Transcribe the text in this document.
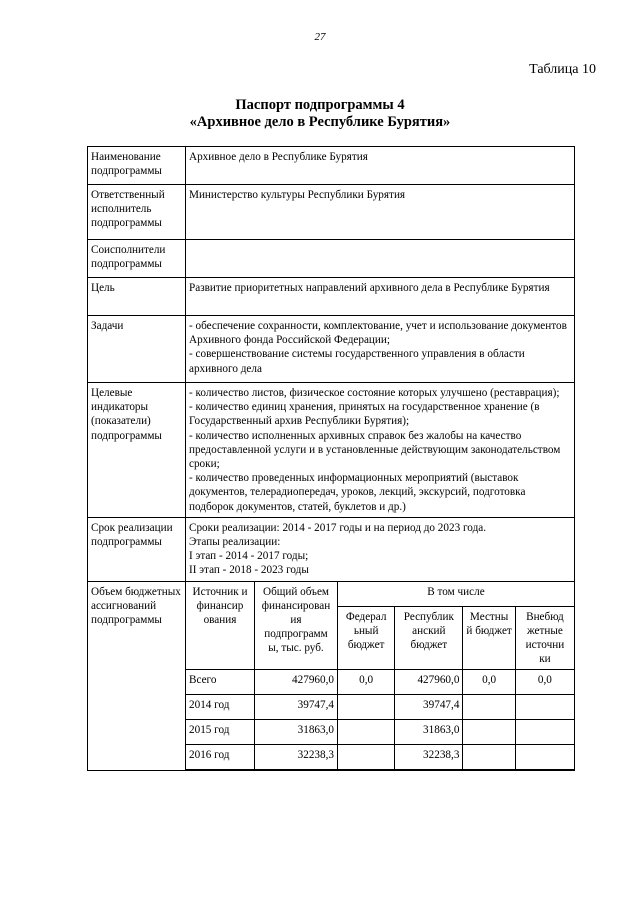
27
Таблица 10
Паспорт подпрограммы 4
«Архивное дело в Республике Бурятия»
Наименование подпрограммы	Архивное дело в Республике Бурятия
Ответственный исполнитель подпрограммы	Министерство культуры Республики Бурятия
Соисполнители подпрограммы	
Цель	Развитие приоритетных направлений архивного дела в Республике Бурятия
Задачи	- обеспечение сохранности, комплектование, учет и использование документов Архивного фонда Российской Федерации;
- совершенствование системы государственного управления в области архивного дела
Целевые индикаторы (показатели) подпрограммы	- количество листов, физическое состояние которых улучшено (реставрация);
- количество единиц хранения, принятых на государственное хранение (в Государственный архив Республики Бурятия);
- количество исполненных архивных справок без жалобы на качество предоставленной услуги и в установленные действующим законодательством сроки;
- количество проведенных информационных мероприятий (выставок документов, телерадиопередач, уроков, лекций, экскурсий, подготовка подборок документов, статей, буклетов и др.)
Срок реализации подпрограммы	Сроки реализации: 2014 - 2017 годы и на период до 2023 года.
Этапы реализации:
I этап - 2014 - 2017 годы;
II этап - 2018 - 2023 годы
Объем бюджетных ассигнований подпрограммы	
Источник и финансир ования	Общий объем финансирован ия подпрограмм ы, тыс. руб.	В том числе
Федерал ьный бюджет	Республик анский бюджет	Местны й бюджет	Внебюд жетные источни ки
Всего	427960,0	0,0	427960,0	0,0	0,0
2014 год	39747,4		39747,4		
2015 год	31863,0		31863,0		
2016 год	32238,3		32238,3		
